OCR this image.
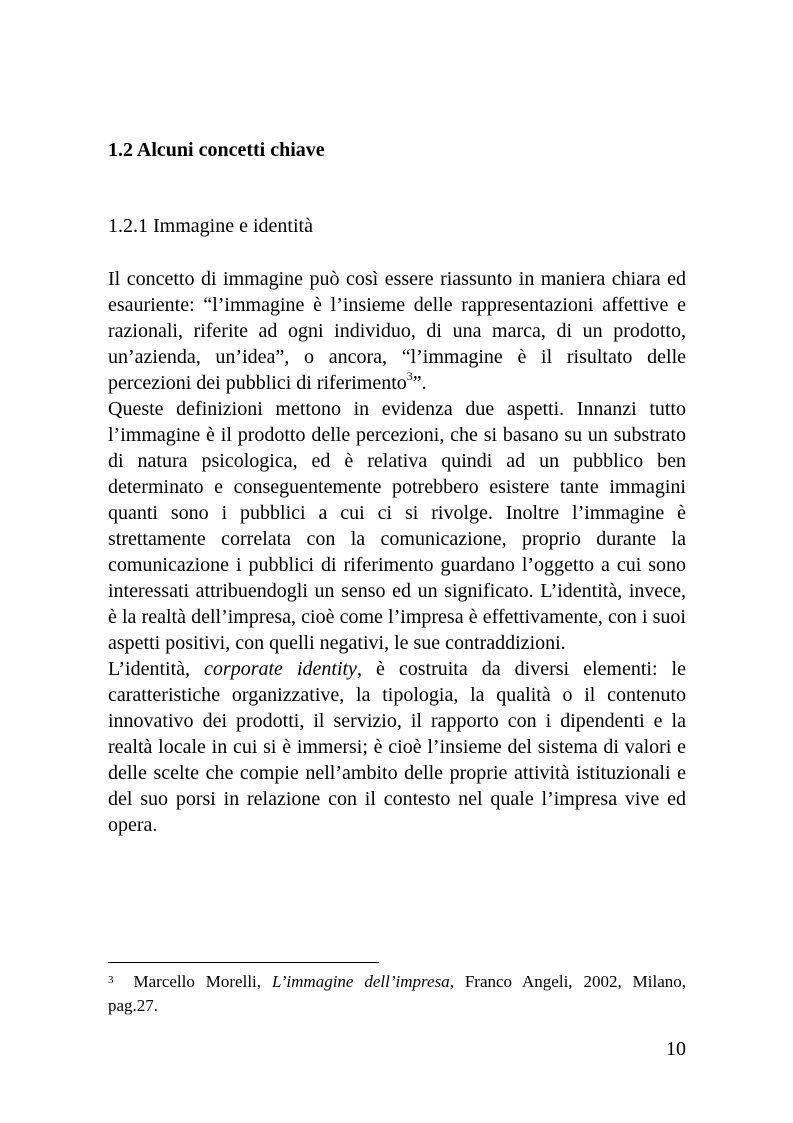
1.2 Alcuni concetti chiave
1.2.1 Immagine e identità

Il concetto di immagine può così essere riassunto in maniera chiara ed esauriente: “l’immagine è l’insieme delle rappresentazioni affettive e razionali, riferite ad ogni individuo, di una marca, di un prodotto, un’azienda, un’idea”, o ancora, “l’immagine è il risultato delle percezioni dei pubblici di riferimento$^3$”.

Queste definizioni mettono in evidenza due aspetti. Innanzi tutto l’immagine è il prodotto delle percezioni, che si basano su un substrato di natura psicologica, ed è relativa quindi ad un pubblico ben determinato e conseguentemente potrebbero esistere tante immagini quanti sono i pubblici a cui ci si rivolge. Inoltre l’immagine è strettamente correlata con la comunicazione, proprio durante la comunicazione i pubblici di riferimento guardano l’oggetto a cui sono interessati attribuendogli un senso ed un significato. L’identità, invece, è la realtà dell’impresa, cioè come l’impresa è effettivamente, con i suoi aspetti positivi, con quelli negativi, le sue contraddizioni.

L’identità, corporate identity, è costruita da diversi elementi: le caratteristiche organizzative, la tipologia, la qualità o il contenuto innovativo dei prodotti, il servizio, il rapporto con i dipendenti e la realtà locale in cui si è immersi; è cioè l’insieme del sistema di valori e delle scelte che compie nell’ambito delle proprie attività istituzionali e del suo porsi in relazione con il contesto nel quale l’impresa vive ed opera.

$^3$ Marcello Morelli, L’immagine dell’impresa, Franco Angeli, 2002, Milano, pag.27.
10
